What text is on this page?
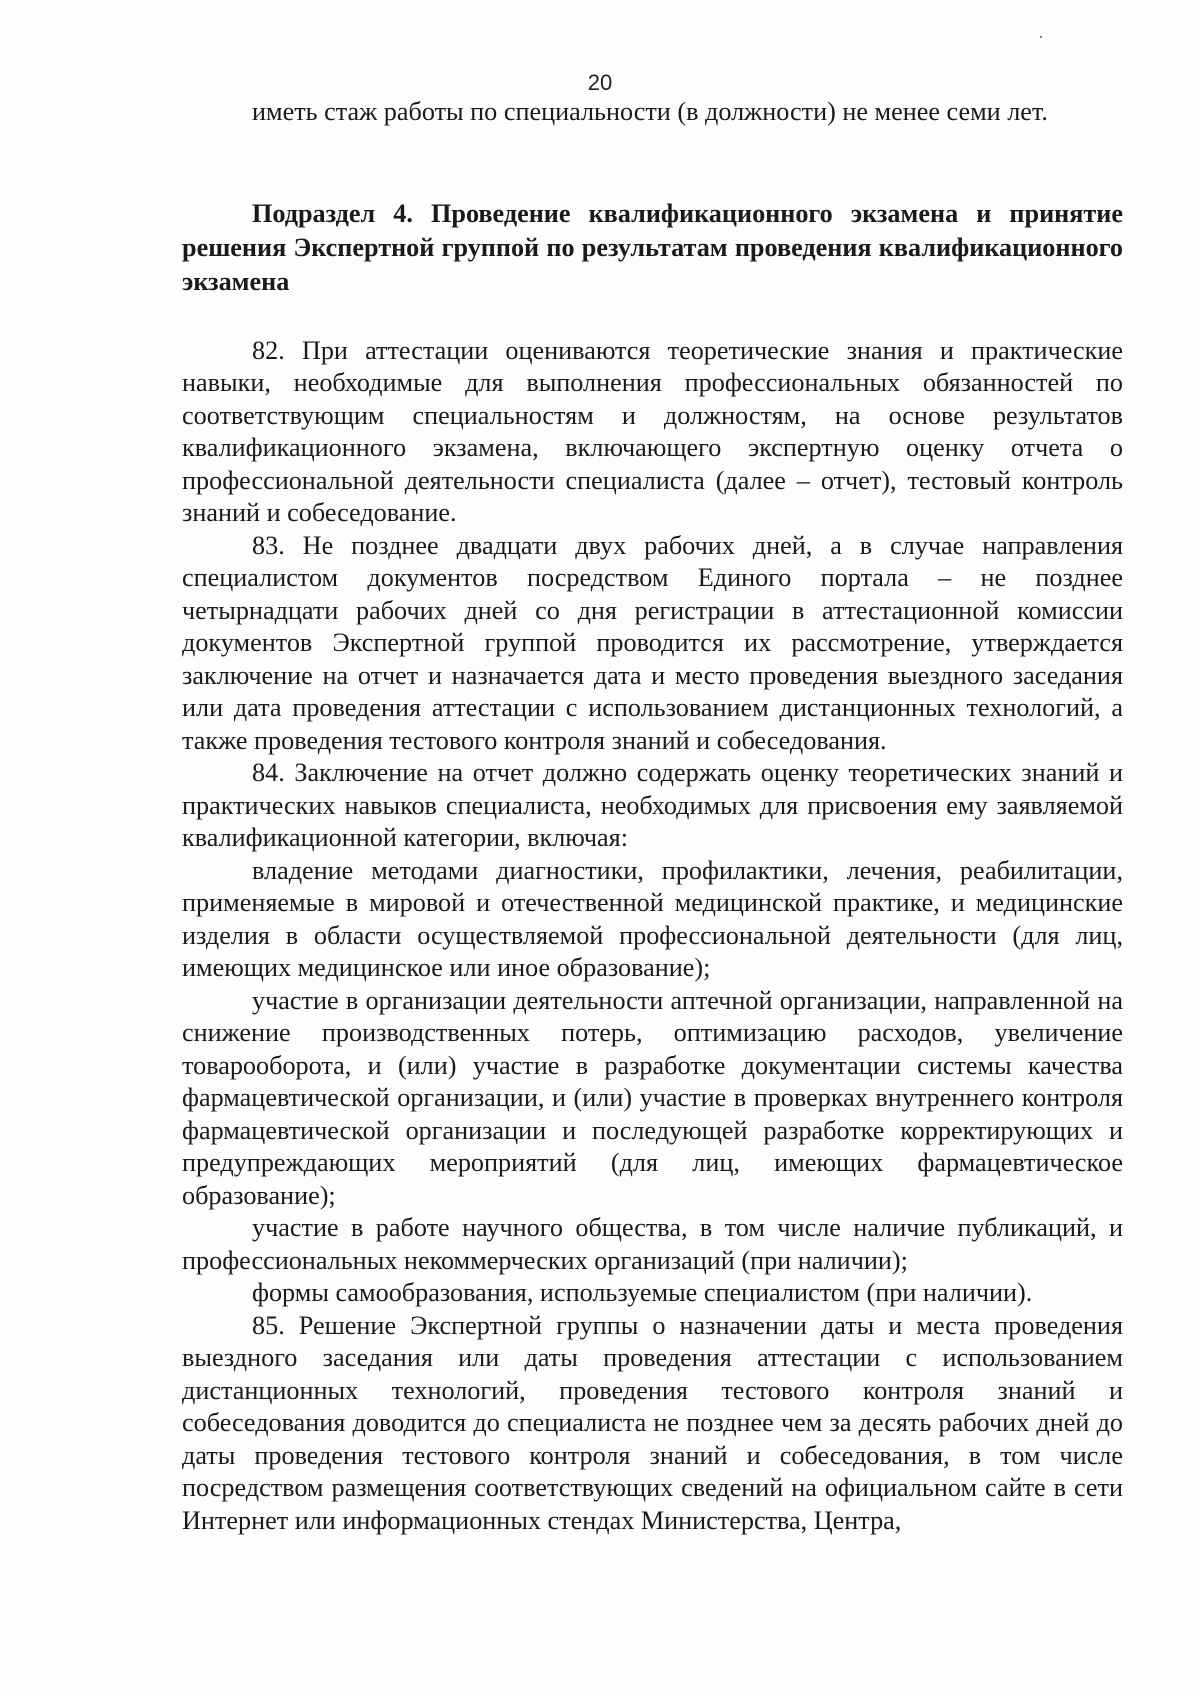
20

иметь стаж работы по специальности (в должности) не менее семи лет.

Подраздел 4. Проведение квалификационного экзамена и принятие решения Экспертной группой по результатам проведения квалификационного экзамена

82. При аттестации оцениваются теоретические знания и практические навыки, необходимые для выполнения профессиональных обязанностей по соответствующим специальностям и должностям, на основе результатов квалификационного экзамена, включающего экспертную оценку отчета о профессиональной деятельности специалиста (далее – отчет), тестовый контроль знаний и собеседование.

83. Не позднее двадцати двух рабочих дней, а в случае направления специалистом документов посредством Единого портала – не позднее четырнадцати рабочих дней со дня регистрации в аттестационной комиссии документов Экспертной группой проводится их рассмотрение, утверждается заключение на отчет и назначается дата и место проведения выездного заседания или дата проведения аттестации с использованием дистанционных технологий, а также проведения тестового контроля знаний и собеседования.

84. Заключение на отчет должно содержать оценку теоретических знаний и практических навыков специалиста, необходимых для присвоения ему заявляемой квалификационной категории, включая:

владение методами диагностики, профилактики, лечения, реабилитации, применяемые в мировой и отечественной медицинской практике, и медицинские изделия в области осуществляемой профессиональной деятельности (для лиц, имеющих медицинское или иное образование);

участие в организации деятельности аптечной организации, направленной на снижение производственных потерь, оптимизацию расходов, увеличение товарооборота, и (или) участие в разработке документации системы качества фармацевтической организации, и (или) участие в проверках внутреннего контроля фармацевтической организации и последующей разработке корректирующих и предупреждающих мероприятий (для лиц, имеющих фармацевтическое образование);

участие в работе научного общества, в том числе наличие публикаций, и профессиональных некоммерческих организаций (при наличии);

формы самообразования, используемые специалистом (при наличии).

85. Решение Экспертной группы о назначении даты и места проведения выездного заседания или даты проведения аттестации с использованием дистанционных технологий, проведения тестового контроля знаний и собеседования доводится до специалиста не позднее чем за десять рабочих дней до даты проведения тестового контроля знаний и собеседования, в том числе посредством размещения соответствующих сведений на официальном сайте в сети Интернет или информационных стендах Министерства, Центра,
